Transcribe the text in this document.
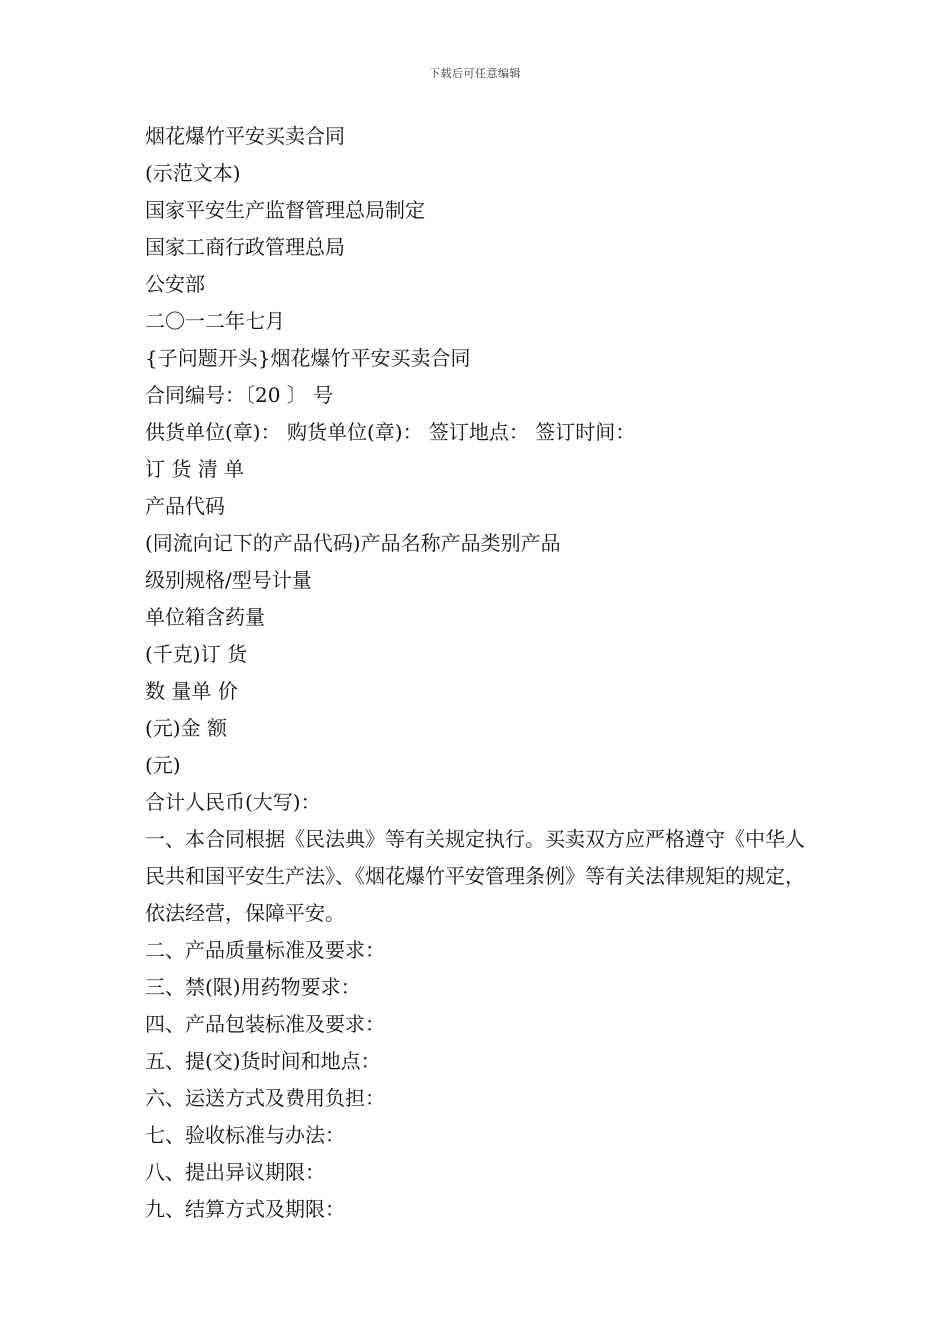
下载后可任意编辑
烟花爆竹平安买卖合同
(示范文本)
国家平安生产监督管理总局制定
国家工商行政管理总局
公安部
二〇一二年七月
{子问题开头}烟花爆竹平安买卖合同
合同编号：〔20 〕 号
供货单位(章)： 购货单位(章)： 签订地点： 签订时间：
订 货 清 单
产品代码
(同流向记下的产品代码)产品名称产品类别产品
级别规格/型号计量
单位箱含药量
(千克)订 货
数 量单 价
(元)金 额
(元)
合计人民币(大写)：
一、本合同根据《民法典》等有关规定执行。买卖双方应严格遵守《中华人民共和国平安生产法》、《烟花爆竹平安管理条例》等有关法律规矩的规定，依法经营，保障平安。
二、产品质量标准及要求：
三、禁(限)用药物要求：
四、产品包装标准及要求：
五、提(交)货时间和地点：
六、运送方式及费用负担：
七、验收标准与办法：
八、提出异议期限：
九、结算方式及期限：
